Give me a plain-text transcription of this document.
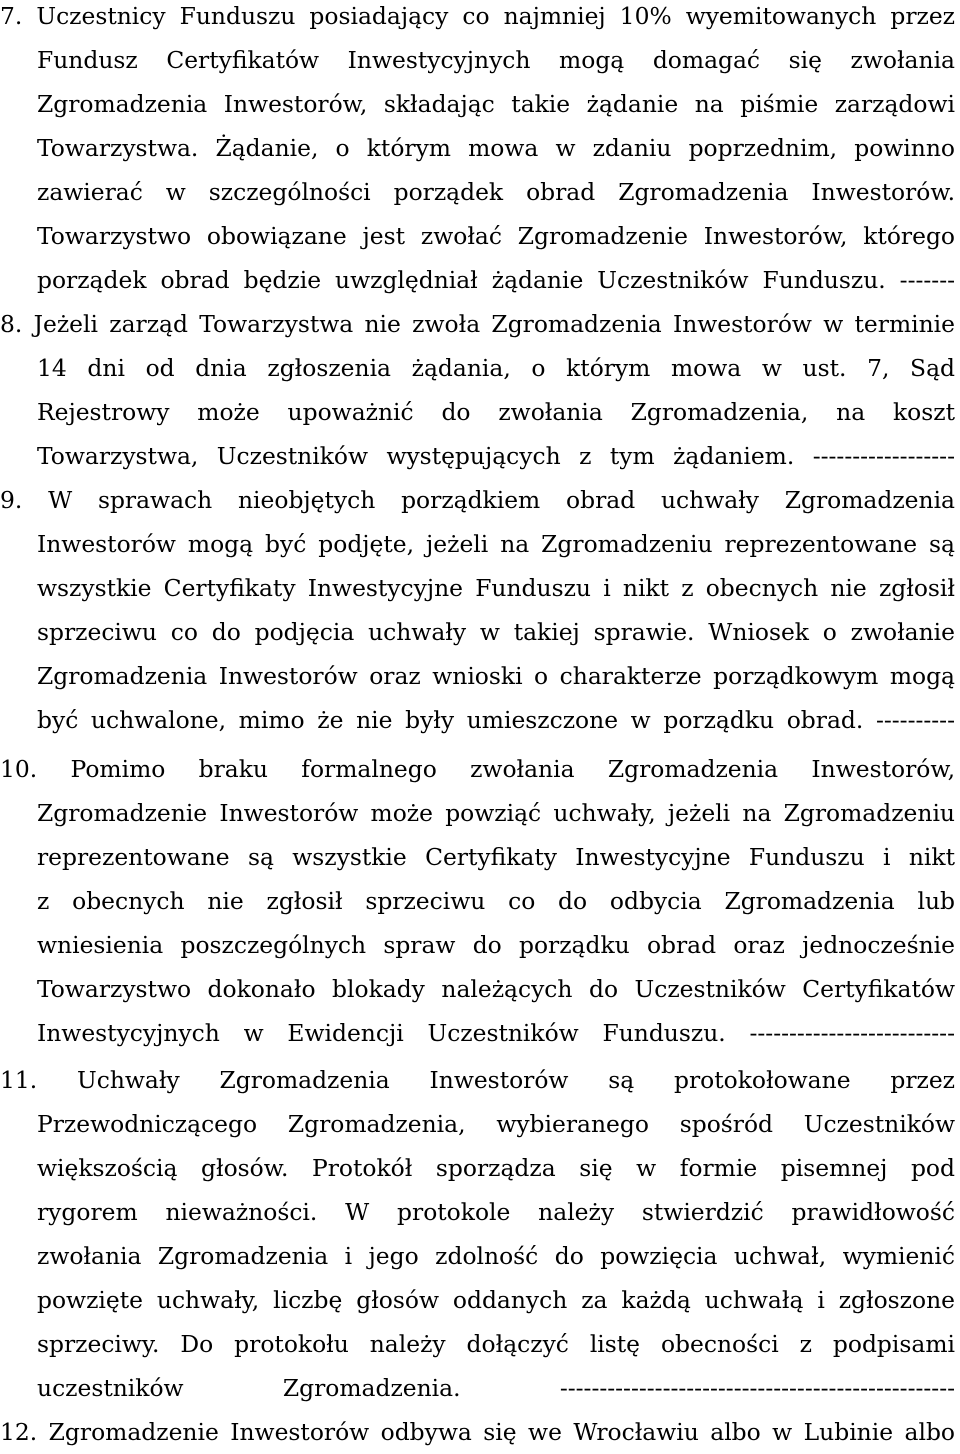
7. Uczestnicy Funduszu posiadający co najmniej 10% wyemitowanych przez
Fundusz Certyfikatów Inwestycyjnych mogą domagać się zwołania
Zgromadzenia Inwestorów, składając takie żądanie na piśmie zarządowi
Towarzystwa. Żądanie, o którym mowa w zdaniu poprzednim, powinno
zawierać w szczególności porządek obrad Zgromadzenia Inwestorów.
Towarzystwo obowiązane jest zwołać Zgromadzenie Inwestorów, którego
porządek obrad będzie uwzględniał żądanie Uczestników Funduszu. -------
8. Jeżeli zarząd Towarzystwa nie zwoła Zgromadzenia Inwestorów w terminie
14 dni od dnia zgłoszenia żądania, o którym mowa w ust. 7, Sąd
Rejestrowy może upoważnić do zwołania Zgromadzenia, na koszt
Towarzystwa, Uczestników występujących z tym żądaniem. ------------------
9. W sprawach nieobjętych porządkiem obrad uchwały Zgromadzenia
Inwestorów mogą być podjęte, jeżeli na Zgromadzeniu reprezentowane są
wszystkie Certyfikaty Inwestycyjne Funduszu i nikt z obecnych nie zgłosił
sprzeciwu co do podjęcia uchwały w takiej sprawie. Wniosek o zwołanie
Zgromadzenia Inwestorów oraz wnioski o charakterze porządkowym mogą
być uchwalone, mimo że nie były umieszczone w porządku obrad. ----------
10. Pomimo braku formalnego zwołania Zgromadzenia Inwestorów,
Zgromadzenie Inwestorów może powziąć uchwały, jeżeli na Zgromadzeniu
reprezentowane są wszystkie Certyfikaty Inwestycyjne Funduszu i nikt
z obecnych nie zgłosił sprzeciwu co do odbycia Zgromadzenia lub
wniesienia poszczególnych spraw do porządku obrad oraz jednocześnie
Towarzystwo dokonało blokady należących do Uczestników Certyfikatów
Inwestycyjnych w Ewidencji Uczestników Funduszu. --------------------------
11. Uchwały Zgromadzenia Inwestorów są protokołowane przez
Przewodniczącego Zgromadzenia, wybieranego spośród Uczestników
większością głosów. Protokół sporządza się w formie pisemnej pod
rygorem nieważności. W protokole należy stwierdzić prawidłowość
zwołania Zgromadzenia i jego zdolność do powzięcia uchwał, wymienić
powzięte uchwały, liczbę głosów oddanych za każdą uchwałą i zgłoszone
sprzeciwy. Do protokołu należy dołączyć listę obecności z podpisami
uczestników Zgromadzenia. --------------------------------------------------
12. Zgromadzenie Inwestorów odbywa się we Wrocławiu albo w Lubinie albo
